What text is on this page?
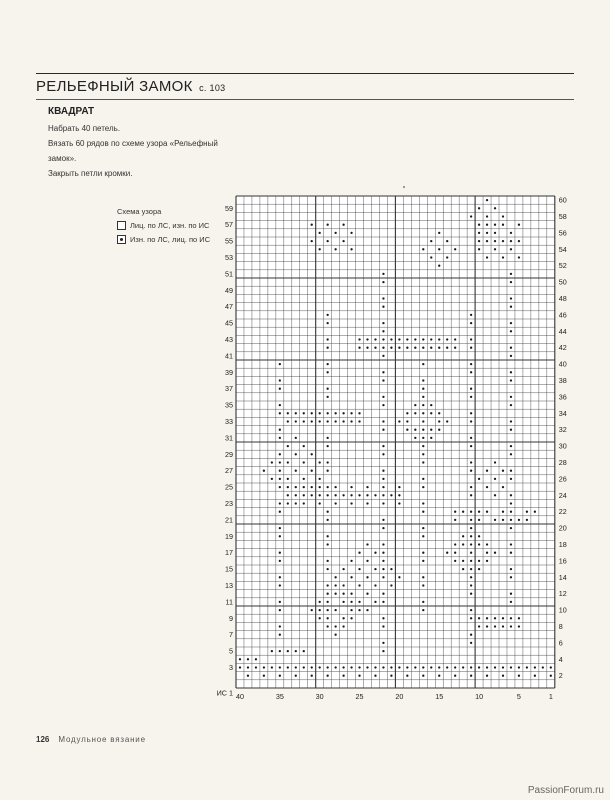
РЕЛЬЕФНЫЙ ЗАМОК с. 103
КВАДРАТ
Набрать 40 петель.
Вязать 60 рядов по схеме узора «Рельефный
замок».
Закрыть петли кромки.
Схема узора
Лиц. по ЛС, изн. по ИС
Изн. по ЛС, лиц. по ИС
59
57
55
53
51
49
47
45
43
41
39
37
35
33
31
29
27
25
23
21
19
17
15
13
11
9
7
5
3
ИС 1
60
58
56
54
52
50
48
46
44
42
40
38
36
34
32
30
28
26
24
22
20
18
16
14
12
10
8
6
4
2
40	35	30	25	20	15	10	5	1
126 Модульное вязание
PassionForum.ru
